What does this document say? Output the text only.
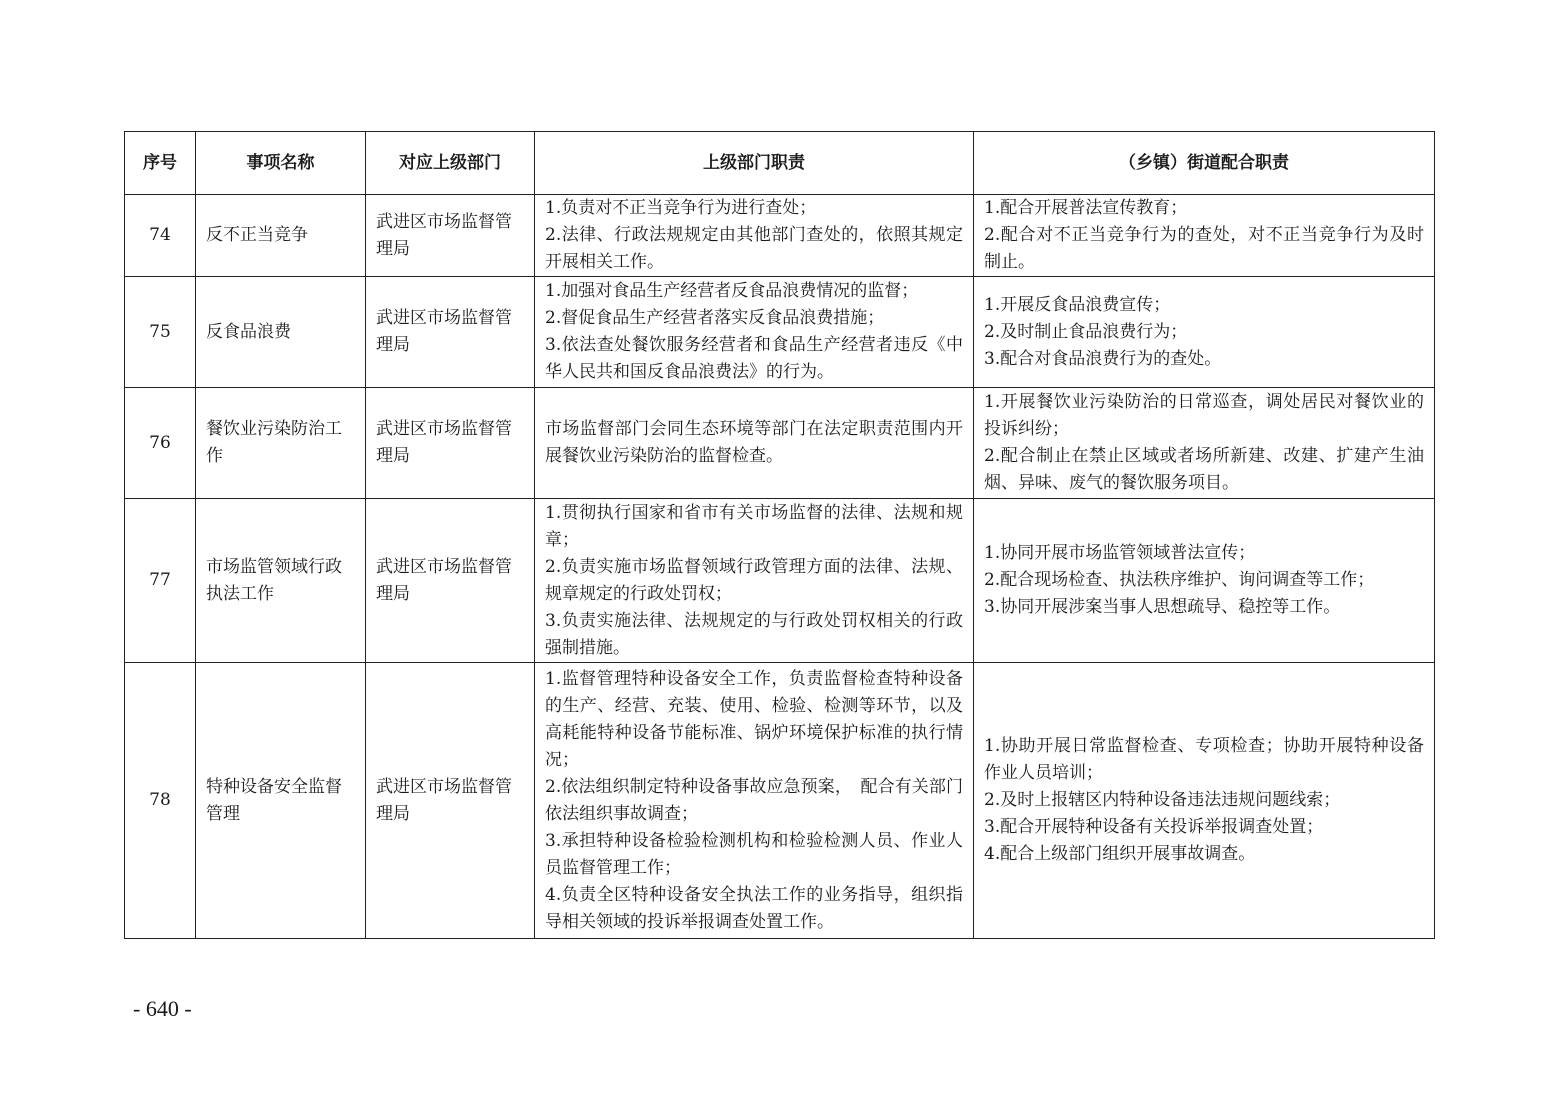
序号	事项名称	对应上级部门	上级部门职责	（乡镇）街道配合职责
74	反不正当竞争	武进区市场监督管理局	1.负责对不正当竞争行为进行查处；
2.法律、行政法规规定由其他部门查处的，依照其规定开展相关工作。	1.配合开展普法宣传教育；
2.配合对不正当竞争行为的查处，对不正当竞争行为及时制止。

75	反食品浪费	武进区市场监督管理局	1.加强对食品生产经营者反食品浪费情况的监督；
2.督促食品生产经营者落实反食品浪费措施；
3.依法查处餐饮服务经营者和食品生产经营者违反《中华人民共和国反食品浪费法》的行为。	1.开展反食品浪费宣传；
2.及时制止食品浪费行为；
3.配合对食品浪费行为的查处。

76	餐饮业污染防治工作	武进区市场监督管理局	市场监督部门会同生态环境等部门在法定职责范围内开展餐饮业污染防治的监督检查。	1.开展餐饮业污染防治的日常巡查，调处居民对餐饮业的投诉纠纷；
2.配合制止在禁止区域或者场所新建、改建、扩建产生油烟、异味、废气的餐饮服务项目。

77	市场监管领域行政执法工作	武进区市场监督管理局	1.贯彻执行国家和省市有关市场监督的法律、法规和规章；
2.负责实施市场监督领域行政管理方面的法律、法规、规章规定的行政处罚权；
3.负责实施法律、法规规定的与行政处罚权相关的行政强制措施。	1.协同开展市场监管领域普法宣传；
2.配合现场检查、执法秩序维护、询问调查等工作；
3.协同开展涉案当事人思想疏导、稳控等工作。

78	特种设备安全监督管理	武进区市场监督管理局	1.监督管理特种设备安全工作，负责监督检查特种设备的生产、经营、充装、使用、检验、检测等环节，以及高耗能特种设备节能标准、锅炉环境保护标准的执行情况；
2.依法组织制定特种设备事故应急预案，　配合有关部门依法组织事故调查；
3.承担特种设备检验检测机构和检验检测人员、作业人员监督管理工作；
4.负责全区特种设备安全执法工作的业务指导，组织指导相关领域的投诉举报调查处置工作。	1.协助开展日常监督检查、专项检查；协助开展特种设备作业人员培训；
2.及时上报辖区内特种设备违法违规问题线索；
3.配合开展特种设备有关投诉举报调查处置；
4.配合上级部门组织开展事故调查。
- 640 -
